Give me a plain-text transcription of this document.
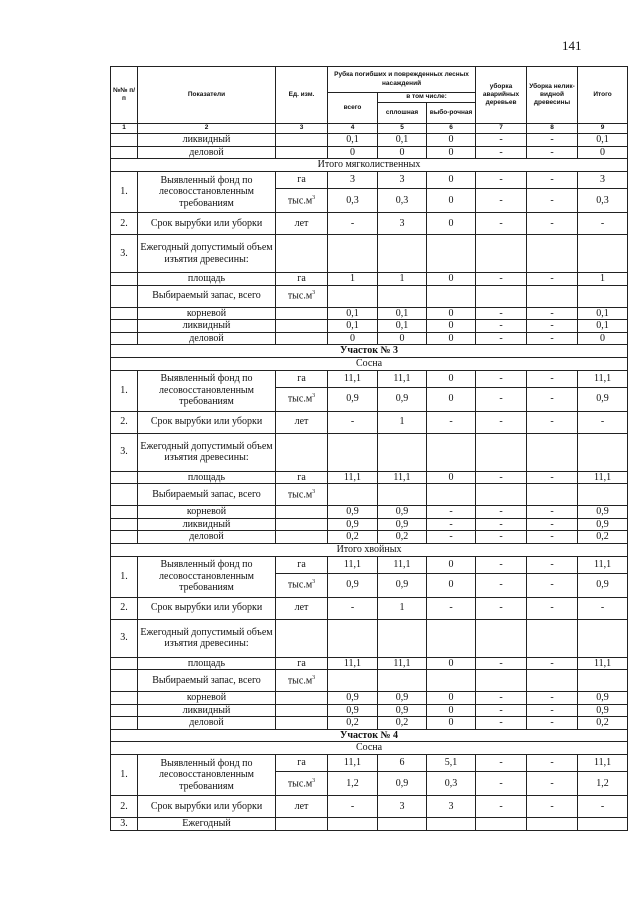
141
№№ п/п	Показатели	Ед. изм.	Рубка погибших и поврежденных лесных насаждений			уборка аварийных деревьев	Уборка нелик-видной древесины	Итого
			всего	в том числе:				
				сплошная	выбо-рочная			
1	2	3	4	5	6	7	8	9
	ликвидный		0,1	0,1	0	-	-	0,1
	деловой		0	0	0	-	-	0
Итого мягколиственных								
1.	Выявленный фонд по лесовосстановленным требованиям	га	3	3	0	-	-	3
		$тыс.м^3$	0,3	0,3	0	-	-	0,3
2.	Срок вырубки или уборки	лет	-	3	0	-	-	-
3.	Ежегодный допустимый объем изъятия древесины:							
	площадь	га	1	1	0	-	-	1
	Выбираемый запас, всего	$тыс.м^3$						
	корневой		0,1	0,1	0	-	-	0,1
	ликвидный		0,1	0,1	0	-	-	0,1
	деловой		0	0	0	-	-	0
Участок № 3								
Сосна								
1.	Выявленный фонд по лесовосстановленным требованиям	га	11,1	11,1	0	-	-	11,1
		$тыс.м^3$	0,9	0,9	0	-	-	0,9
2.	Срок вырубки или уборки	лет	-	1	-	-	-	-
3.	Ежегодный допустимый объем изъятия древесины:							
	площадь	га	11,1	11,1	0	-	-	11,1
	Выбираемый запас, всего	$тыс.м^3$						
	корневой		0,9	0,9	-	-	-	0,9
	ликвидный		0,9	0,9	-	-	-	0,9
	деловой		0,2	0,2	-	-	-	0,2
Итого хвойных								
1.	Выявленный фонд по лесовосстановленным требованиям	га	11,1	11,1	0	-	-	11,1
		$тыс.м^3$	0,9	0,9	0	-	-	0,9
2.	Срок вырубки или уборки	лет	-	1	-	-	-	-
3.	Ежегодный допустимый объем изъятия древесины:							
	площадь	га	11,1	11,1	0	-	-	11,1
	Выбираемый запас, всего	$тыс.м^3$						
	корневой		0,9	0,9	0	-	-	0,9
	ликвидный		0,9	0,9	0	-	-	0,9
	деловой		0,2	0,2	0	-	-	0,2
Участок № 4								
Сосна								
1.	Выявленный фонд по лесовосстановленным требованиям	га	11,1	6	5,1	-	-	11,1
		$тыс.м^3$	1,2	0,9	0,3	-	-	1,2
2.	Срок вырубки или уборки	лет	-	3	3	-	-	-
3.	Ежегодный							
